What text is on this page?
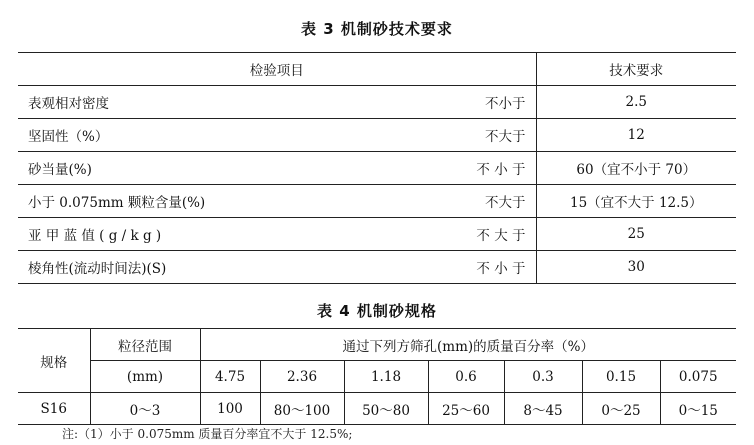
表 3 机制砂技术要求
检验项目	技术要求

表观相对密度 不小于	2.5

坚固性（%） 不大于	12

砂当量(%) 不 小 于	60（宜不小于 70）

小于 0.075mm 颗粒含量(%) 不大于	15（宜不大于 12.5）

亚 甲 蓝 值 ( g / k g ) 不 大 于	25

棱角性(流动时间法)(S) 不 小 于	30
表 4 机制砂规格
规格	粒径范围	通过下列方筛孔(mm)的质量百分率（%）						
	(mm)	4.75	2.36	1.18	0.6	0.3	0.15	0.075
S16	0～3	100	80～100	50～80	25～60	8～45	0～25	0～15
注:（1）小于 0.075mm 质量百分率宜不大于 12.5%;
